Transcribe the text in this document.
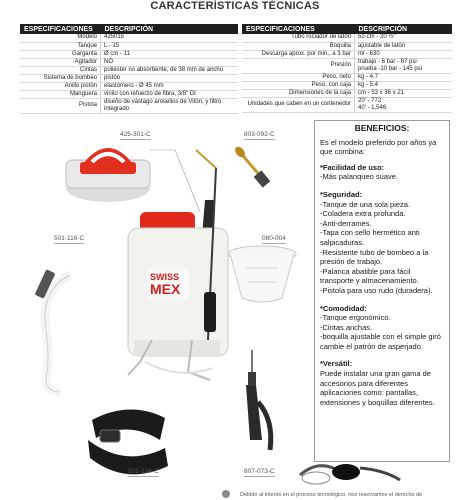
CARACTERÍSTICAS TÉCNICAS
ESPECIFICACIONES	DESCRIPCIÓN
Modelo	425015
Tanque	L - 15
Garganta	Ø cm - 11
Agitador	NO
Cintas	poliéster no absorbente, de 38 mm de ancho
Sistema de bombeo	pistón
Anillo pistón	elastómero - Ø 45 mm
Manguera	vinilo con refuerzo de fibra, 3/8" DI
Pistola	diseño de vástago arosellos de Vitón, y filtro integrado
ESPECIFICACIONES	DESCRIPCIÓN
Tubo rociador de latón	52-cm - 20 ½"
Boquilla	ajustable de latón
Descarga aprox. por min., a 3 bar	ml - 630
Presión	trabajo - 6 bar - 87 psi
prueba -10 bar - 145 psi
Peso, neto	kg - 4.7
Peso, con caja	kg - 5.4
Dimensiones de la caja	cm - 53 x 36 x 21
Unidades que caben en un contenedor	20' - 772
40' - 1,546
SWISS
MEX
425-301-C	803-092-C
501-116-C	080-004
501-134-C	807-073-C
BENEFICIOS:
Es el modelo preferido por años ya que combina:
*Facilidad de uso:
-Más palanqueo suave.
*Seguridad:
-Tanque de una sola pieza.
-Coladera extra profunda.
-Anti-derrames.
-Tapa con sello hermético anti salpicaduras.
-Resistente tubo de bombeo a la presión de trabajo.
-Palanca abatible para fácil transporte y almacenamiento.
-Pistola para uso rudo (duradera).
*Comodidad:
-Tanque ergonómico.
-Cintas anchas.
-boquilla ajustable con el simple giró cambie el patrón de asperjado.
*Versátil:
Puede instalar una gran gama de accesorios para diferentes aplicaciones como: pantallas, extensiones y boquillas diferentes.
Debido al interés en el proceso tecnológico, nos reservamos el derecho de
